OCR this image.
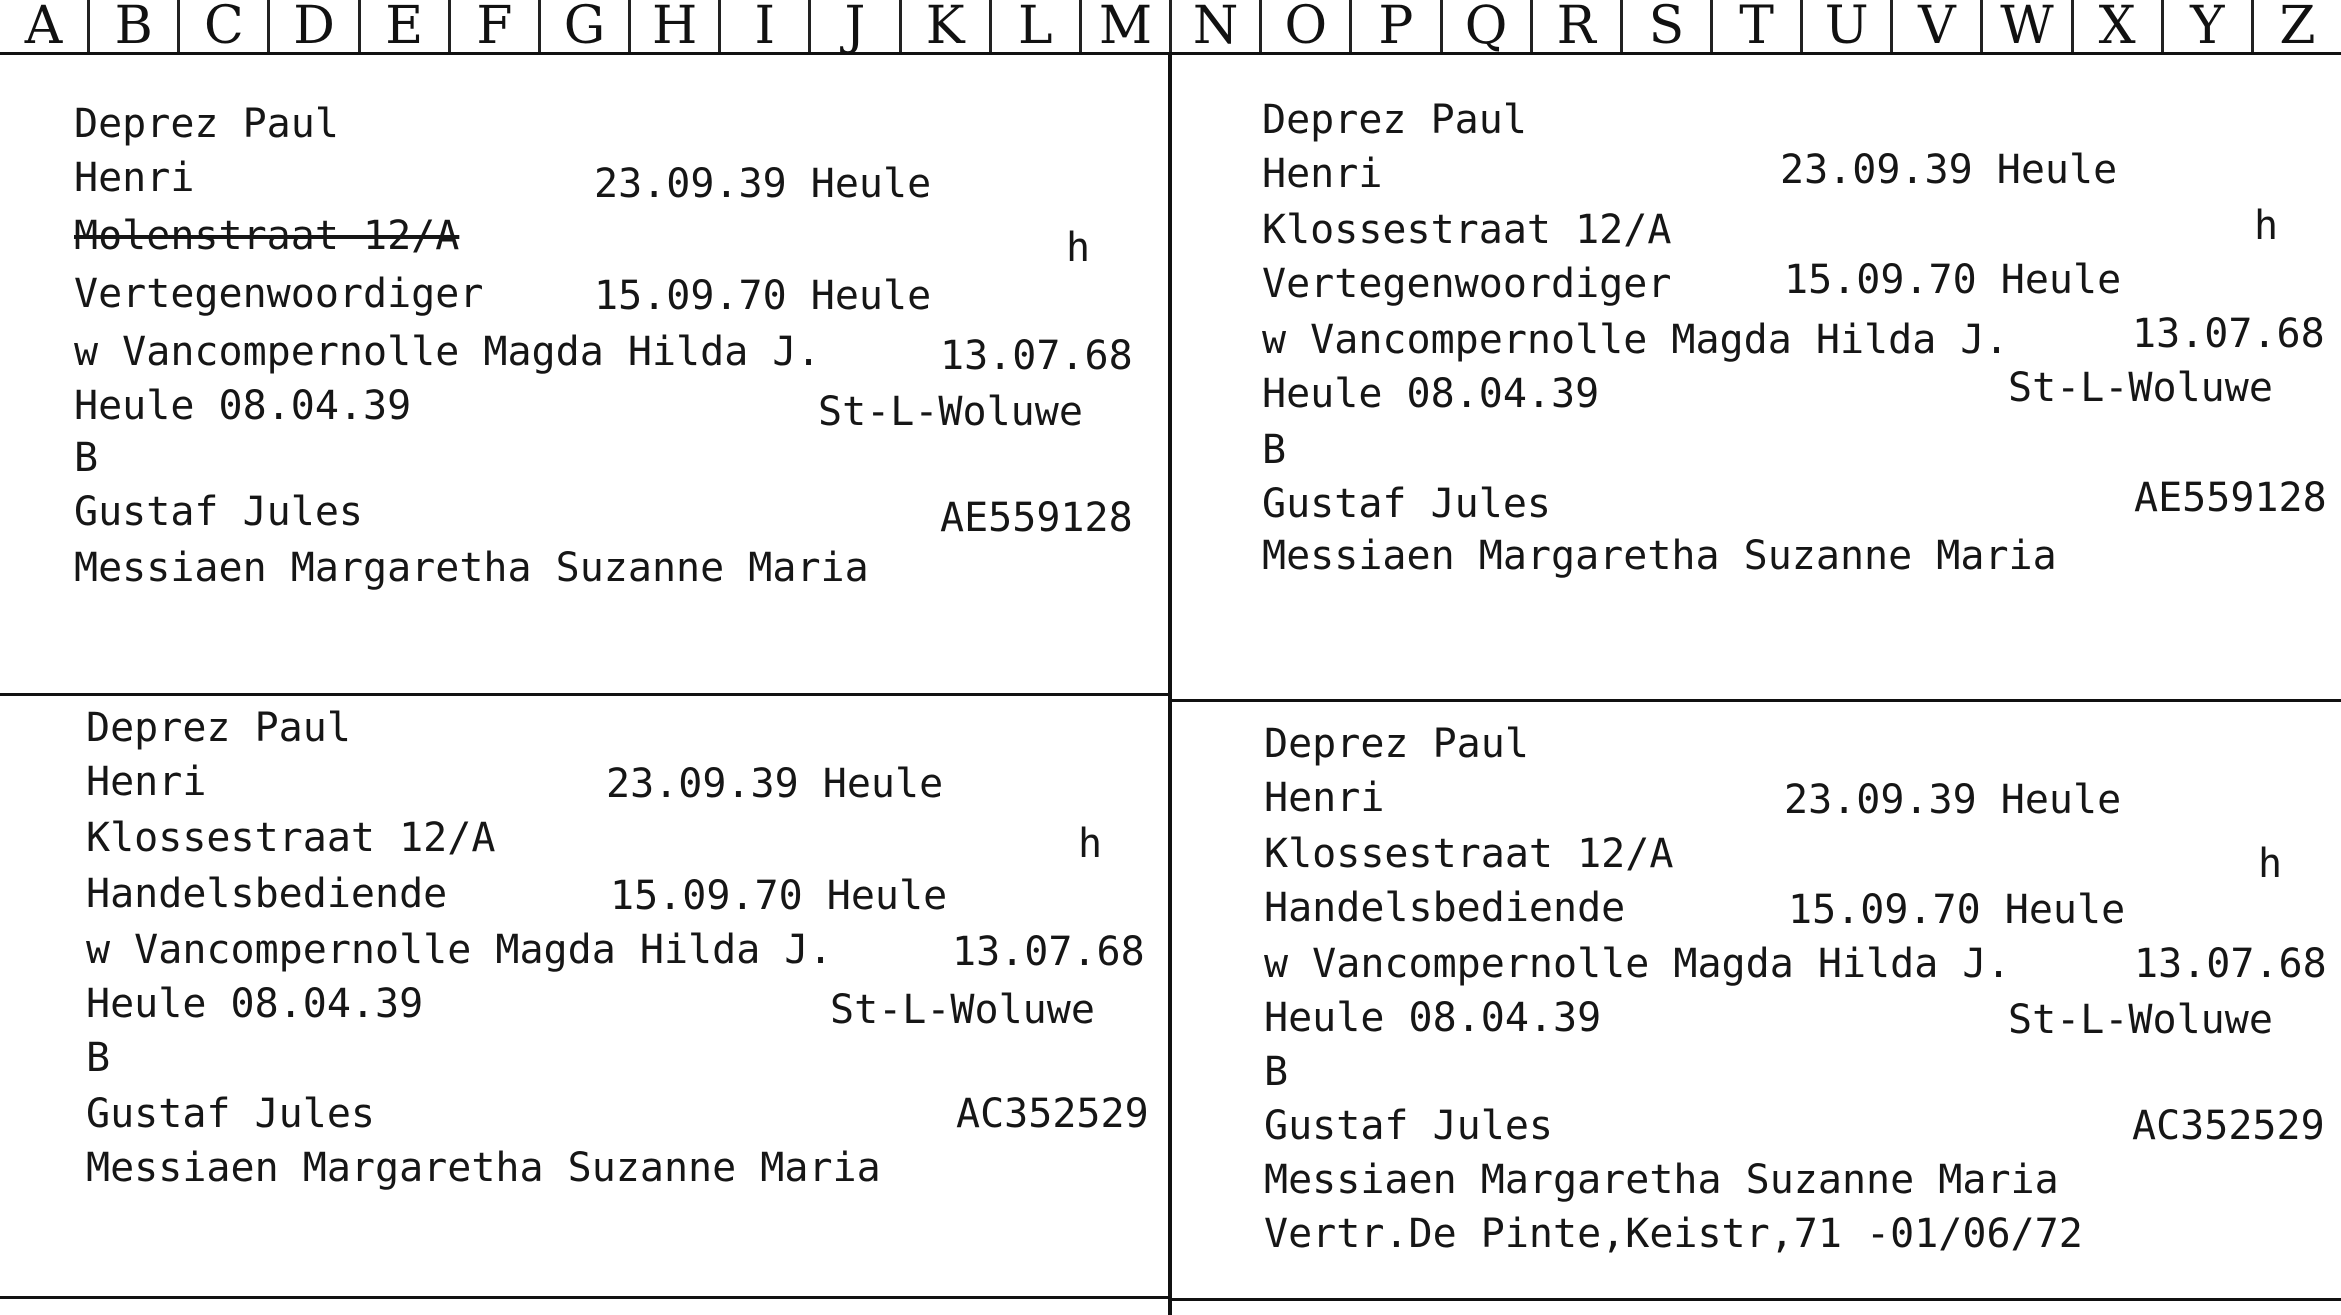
A	B C D E	F G H	I	J	K	L M N O P Q R	S	T U V W X	Y	Z
Deprez Paul
Henri	23.09.39 Heule
Molenstraat 12/A	h
Vertegenwoordiger	15.09.70 Heule
w Vancompernolle Magda Hilda J.	13.07.68
Heule 08.04.39	St-L-Woluwe
B
Gustaf Jules	AE559128
Messiaen Margaretha Suzanne Maria
Deprez Paul
Henri	23.09.39 Heule
Klossestraat 12/A	h
Vertegenwoordiger	15.09.70 Heule
w Vancompernolle Magda Hilda J.	13.07.68
Heule 08.04.39	St-L-Woluwe
B
Gustaf Jules	AE559128
Messiaen Margaretha Suzanne Maria
Deprez Paul
Henri	23.09.39 Heule
Klossestraat 12/A	h
Handelsbediende	15.09.70 Heule
w Vancompernolle Magda Hilda J.	13.07.68
Heule 08.04.39	St-L-Woluwe
B
Gustaf Jules	AC352529
Messiaen Margaretha Suzanne Maria
Deprez Paul
Henri	23.09.39 Heule
Klossestraat 12/A	h
Handelsbediende	15.09.70 Heule
w Vancompernolle Magda Hilda J.	13.07.68
Heule 08.04.39	St-L-Woluwe
B
Gustaf Jules	AC352529
Messiaen Margaretha Suzanne Maria
Vertr.De Pinte,Keistr,71 -01/06/72
